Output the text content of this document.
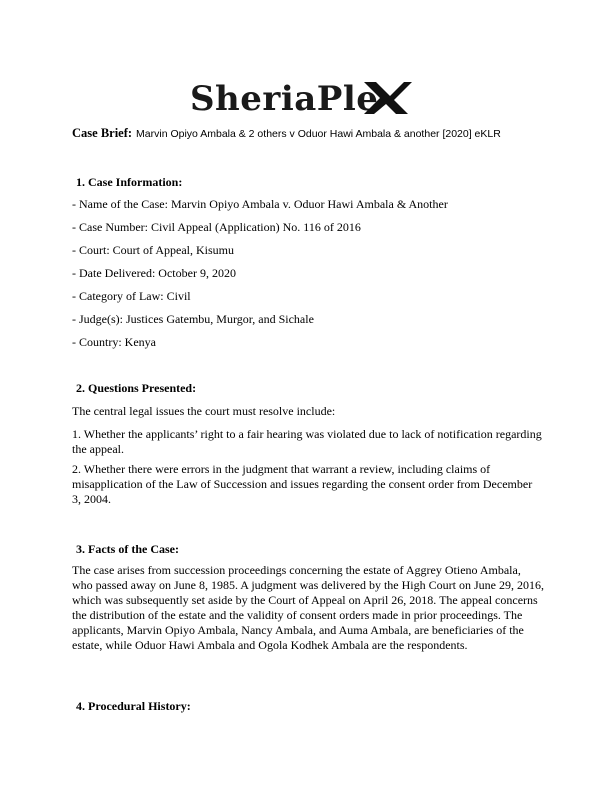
SheriaPle
Case Brief: Marvin Opiyo Ambala & 2 others v Oduor Hawi Ambala & another [2020] eKLR
1. Case Information:
- Name of the Case: Marvin Opiyo Ambala v. Oduor Hawi Ambala & Another
- Case Number: Civil Appeal (Application) No. 116 of 2016
- Court: Court of Appeal, Kisumu
- Date Delivered: October 9, 2020
- Category of Law: Civil
- Judge(s): Justices Gatembu, Murgor, and Sichale
- Country: Kenya
2. Questions Presented:
The central legal issues the court must resolve include:
1. Whether the applicants’ right to a fair hearing was violated due to lack of notification regarding the appeal.
2. Whether there were errors in the judgment that warrant a review, including claims of misapplication of the Law of Succession and issues regarding the consent order from December 3, 2004.
3. Facts of the Case:
The case arises from succession proceedings concerning the estate of Aggrey Otieno Ambala, who passed away on June 8, 1985. A judgment was delivered by the High Court on June 29, 2016, which was subsequently set aside by the Court of Appeal on April 26, 2018. The appeal concerns the distribution of the estate and the validity of consent orders made in prior proceedings. The applicants, Marvin Opiyo Ambala, Nancy Ambala, and Auma Ambala, are beneficiaries of the estate, while Oduor Hawi Ambala and Ogola Kodhek Ambala are the respondents.
4. Procedural History:
